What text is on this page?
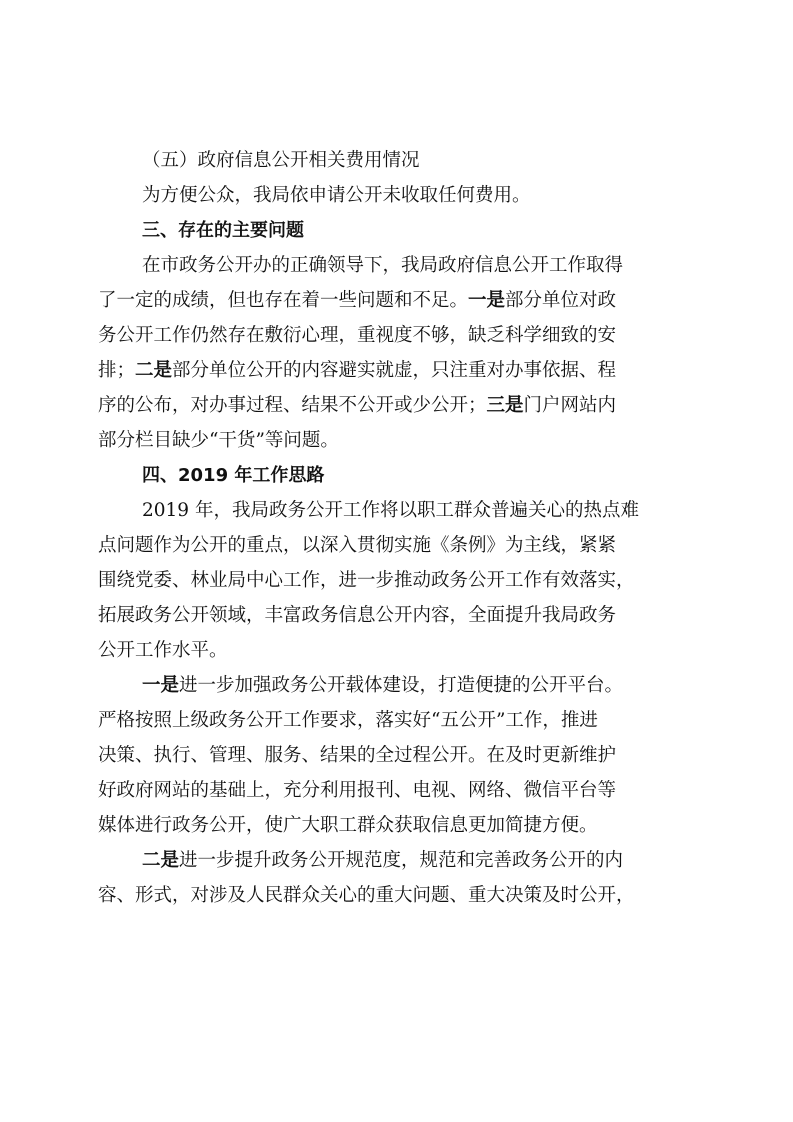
（五）政府信息公开相关费用情况
为方便公众，我局依申请公开未收取任何费用。
三、存在的主要问题
在市政务公开办的正确领导下，我局政府信息公开工作取得
了一定的成绩，但也存在着一些问题和不足。一是部分单位对政
务公开工作仍然存在敷衍心理，重视度不够，缺乏科学细致的安
排；二是部分单位公开的内容避实就虚，只注重对办事依据、程
序的公布，对办事过程、结果不公开或少公开；三是门户网站内
部分栏目缺少“干货”等问题。
四、2019 年工作思路
2019 年，我局政务公开工作将以职工群众普遍关心的热点难
点问题作为公开的重点，以深入贯彻实施《条例》为主线，紧紧
围绕党委、林业局中心工作，进一步推动政务公开工作有效落实，
拓展政务公开领域，丰富政务信息公开内容，全面提升我局政务
公开工作水平。
一是进一步加强政务公开载体建设，打造便捷的公开平台。
严格按照上级政务公开工作要求，落实好“五公开”工作，推进
决策、执行、管理、服务、结果的全过程公开。在及时更新维护
好政府网站的基础上，充分利用报刊、电视、网络、微信平台等
媒体进行政务公开，使广大职工群众获取信息更加简捷方便。
二是进一步提升政务公开规范度，规范和完善政务公开的内
容、形式，对涉及人民群众关心的重大问题、重大决策及时公开，
